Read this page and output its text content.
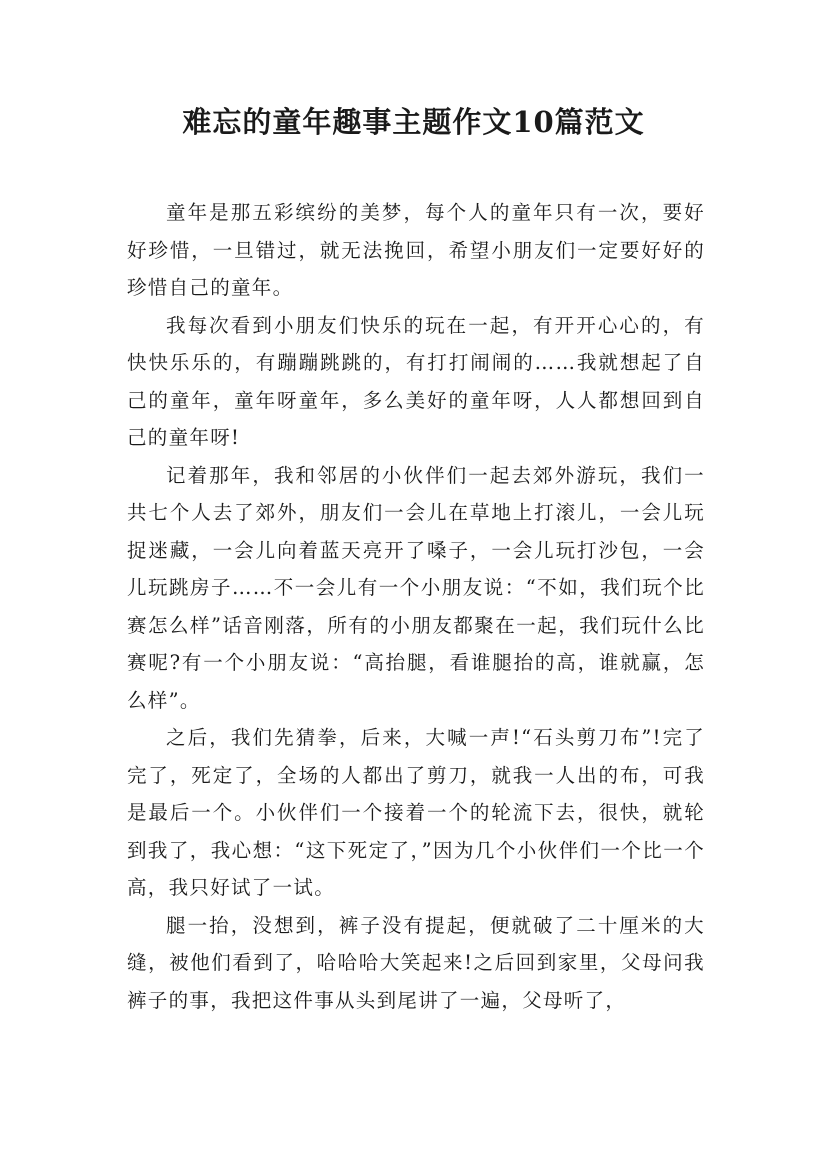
难忘的童年趣事主题作文10篇范文

童年是那五彩缤纷的美梦，每个人的童年只有一次，要好好珍惜，一旦错过，就无法挽回，希望小朋友们一定要好好的珍惜自己的童年。

我每次看到小朋友们快乐的玩在一起，有开开心心的，有快快乐乐的，有蹦蹦跳跳的，有打打闹闹的……我就想起了自己的童年，童年呀童年，多么美好的童年呀，人人都想回到自己的童年呀!

记着那年，我和邻居的小伙伴们一起去郊外游玩，我们一共七个人去了郊外，朋友们一会儿在草地上打滚儿，一会儿玩捉迷藏，一会儿向着蓝天亮开了嗓子，一会儿玩打沙包，一会儿玩跳房子……不一会儿有一个小朋友说：“不如，我们玩个比赛怎么样”话音刚落，所有的小朋友都聚在一起，我们玩什么比赛呢?有一个小朋友说：“高抬腿，看谁腿抬的高，谁就赢，怎么样”。

之后，我们先猜拳，后来，大喊一声!“石头剪刀布”!完了完了，死定了，全场的人都出了剪刀，就我一人出的布，可我是最后一个。小伙伴们一个接着一个的轮流下去，很快，就轮到我了，我心想：“这下死定了，”因为几个小伙伴们一个比一个高，我只好试了一试。

腿一抬，没想到，裤子没有提起，便就破了二十厘米的大缝，被他们看到了，哈哈哈大笑起来!之后回到家里，父母问我裤子的事，我把这件事从头到尾讲了一遍，父母听了，
